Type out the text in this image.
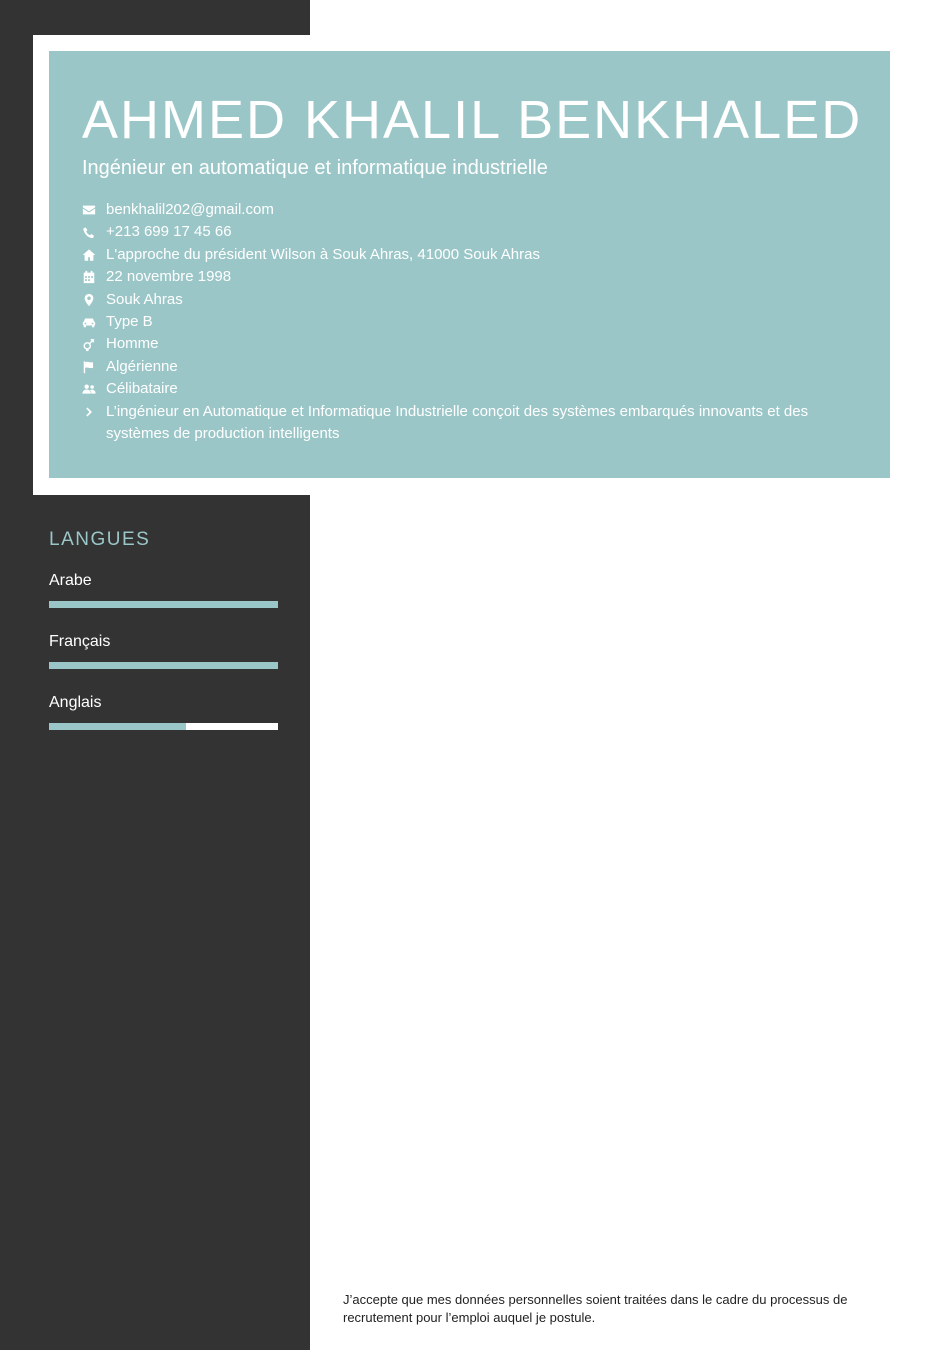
AHMED KHALIL BENKHALED
Ingénieur en automatique et informatique industrielle
benkhalil202@gmail.com
+213 699 17 45 66
L'approche du président Wilson à Souk Ahras, 41000 Souk Ahras
22 novembre 1998
Souk Ahras
Type B
Homme
Algérienne
Célibataire
L’ingénieur en Automatique et Informatique Industrielle conçoit des systèmes embarqués innovants et des systèmes de production intelligents
LANGUES
Arabe
Français
Anglais

J’accepte que mes données personnelles soient traitées dans le cadre du processus de recrutement pour l’emploi auquel je postule.
